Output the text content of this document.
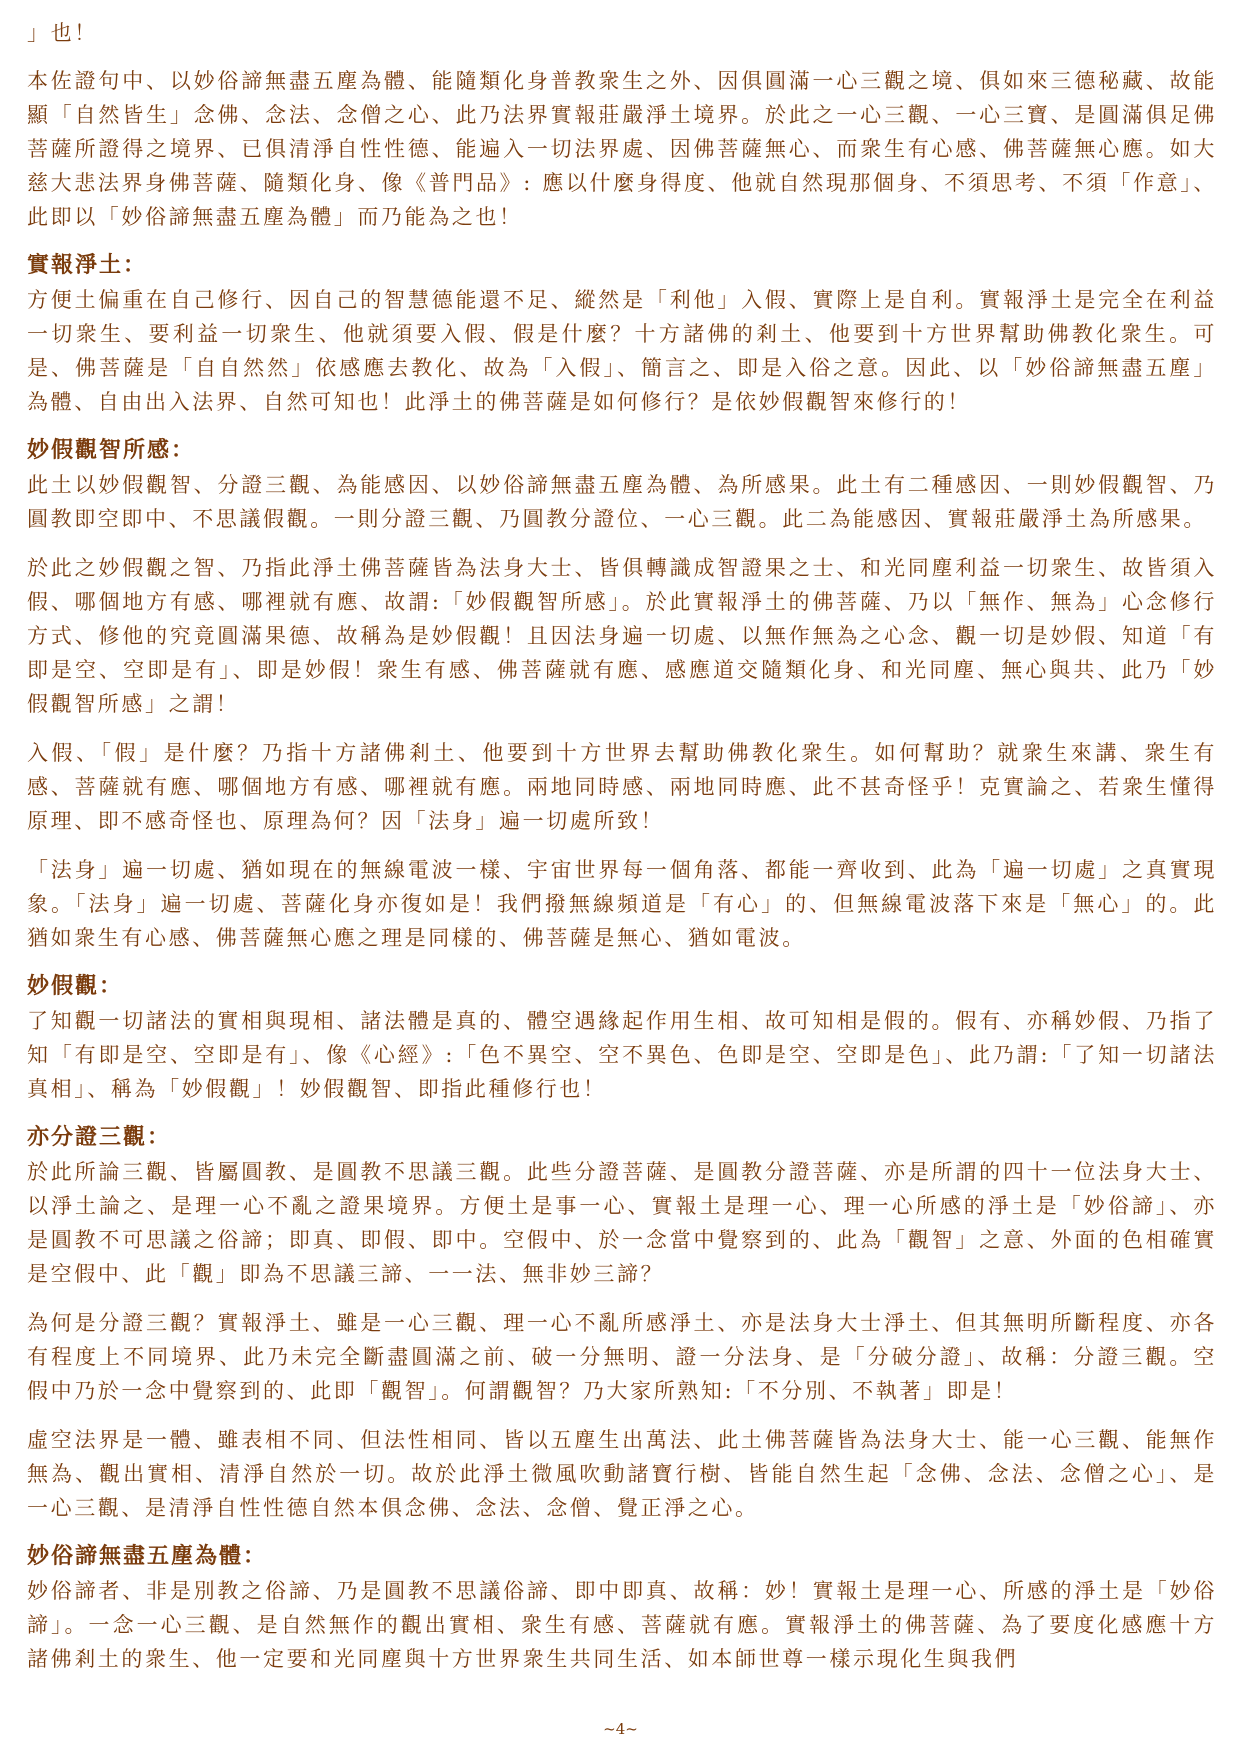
」也！

本佐證句中、以妙俗諦無盡五塵為體、能隨類化身普教衆生之外、因俱圓滿一心三觀之境、俱如來三德秘藏、故能顯「自然皆生」念佛、念法、念僧之心、此乃法界實報莊嚴淨土境界。於此之一心三觀、一心三寶、是圓滿俱足佛菩薩所證得之境界、已俱清淨自性性德、能遍入一切法界處、因佛菩薩無心、而衆生有心感、佛菩薩無心應。如大慈大悲法界身佛菩薩、隨類化身、像《普門品》: 應以什麼身得度、他就自然現那個身、不須思考、不須「作意」、此即以「妙俗諦無盡五塵為體」而乃能為之也！

實報淨土：

方便土偏重在自己修行、因自己的智慧德能還不足、縱然是「利他」入假、實際上是自利。實報淨土是完全在利益一切衆生、要利益一切衆生、他就須要入假、假是什麼？十方諸佛的剎土、他要到十方世界幫助佛教化衆生。可是、佛菩薩是「自自然然」依感應去教化、故為「入假」、簡言之、即是入俗之意。因此、以「妙俗諦無盡五塵」為體、自由出入法界、自然可知也！此淨土的佛菩薩是如何修行？是依妙假觀智來修行的！

妙假觀智所感：

此土以妙假觀智、分證三觀、為能感因、以妙俗諦無盡五塵為體、為所感果。此土有二種感因、一則妙假觀智、乃圓教即空即中、不思議假觀。一則分證三觀、乃圓教分證位、一心三觀。此二為能感因、實報莊嚴淨土為所感果。

於此之妙假觀之智、乃指此淨土佛菩薩皆為法身大士、皆俱轉識成智證果之士、和光同塵利益一切衆生、故皆須入假、哪個地方有感、哪裡就有應、故謂:「妙假觀智所感」。於此實報淨土的佛菩薩、乃以「無作、無為」心念修行方式、修他的究竟圓滿果德、故稱為是妙假觀！且因法身遍一切處、以無作無為之心念、觀一切是妙假、知道「有即是空、空即是有」、即是妙假！衆生有感、佛菩薩就有應、感應道交隨類化身、和光同塵、無心與共、此乃「妙假觀智所感」之謂！

入假、「假」是什麼？乃指十方諸佛剎土、他要到十方世界去幫助佛教化衆生。如何幫助？就衆生來講、衆生有感、菩薩就有應、哪個地方有感、哪裡就有應。兩地同時感、兩地同時應、此不甚奇怪乎！克實論之、若衆生懂得原理、即不感奇怪也、原理為何？因「法身」遍一切處所致！

「法身」遍一切處、猶如現在的無線電波一樣、宇宙世界每一個角落、都能一齊收到、此為「遍一切處」之真實現象。「法身」遍一切處、菩薩化身亦復如是！我們撥無線頻道是「有心」的、但無線電波落下來是「無心」的。此猶如衆生有心感、佛菩薩無心應之理是同樣的、佛菩薩是無心、猶如電波。

妙假觀：

了知觀一切諸法的實相與現相、諸法體是真的、體空遇緣起作用生相、故可知相是假的。假有、亦稱妙假、乃指了知「有即是空、空即是有」、像《心經》:「色不異空、空不異色、色即是空、空即是色」、此乃謂:「了知一切諸法真相」、稱為「妙假觀」！妙假觀智、即指此種修行也！

亦分證三觀：

於此所論三觀、皆屬圓教、是圓教不思議三觀。此些分證菩薩、是圓教分證菩薩、亦是所謂的四十一位法身大士、以淨土論之、是理一心不亂之證果境界。方便土是事一心、實報土是理一心、理一心所感的淨土是「妙俗諦」、亦是圓教不可思議之俗諦；即真、即假、即中。空假中、於一念當中覺察到的、此為「觀智」之意、外面的色相確實是空假中、此「觀」即為不思議三諦、一一法、無非妙三諦？

為何是分證三觀？實報淨土、雖是一心三觀、理一心不亂所感淨土、亦是法身大士淨土、但其無明所斷程度、亦各有程度上不同境界、此乃未完全斷盡圓滿之前、破一分無明、證一分法身、是「分破分證」、故稱：分證三觀。空假中乃於一念中覺察到的、此即「觀智」。何謂觀智？乃大家所熟知:「不分別、不執著」即是！

虛空法界是一體、雖表相不同、但法性相同、皆以五塵生出萬法、此土佛菩薩皆為法身大士、能一心三觀、能無作無為、觀出實相、清淨自然於一切。故於此淨土微風吹動諸寶行樹、皆能自然生起「念佛、念法、念僧之心」、是一心三觀、是清淨自性性德自然本俱念佛、念法、念僧、覺正淨之心。

妙俗諦無盡五塵為體：

妙俗諦者、非是別教之俗諦、乃是圓教不思議俗諦、即中即真、故稱：妙！實報土是理一心、所感的淨土是「妙俗諦」。一念一心三觀、是自然無作的觀出實相、衆生有感、菩薩就有應。實報淨土的佛菩薩、為了要度化感應十方諸佛剎土的衆生、他一定要和光同塵與十方世界衆生共同生活、如本師世尊一樣示現化生與我們

~4~
